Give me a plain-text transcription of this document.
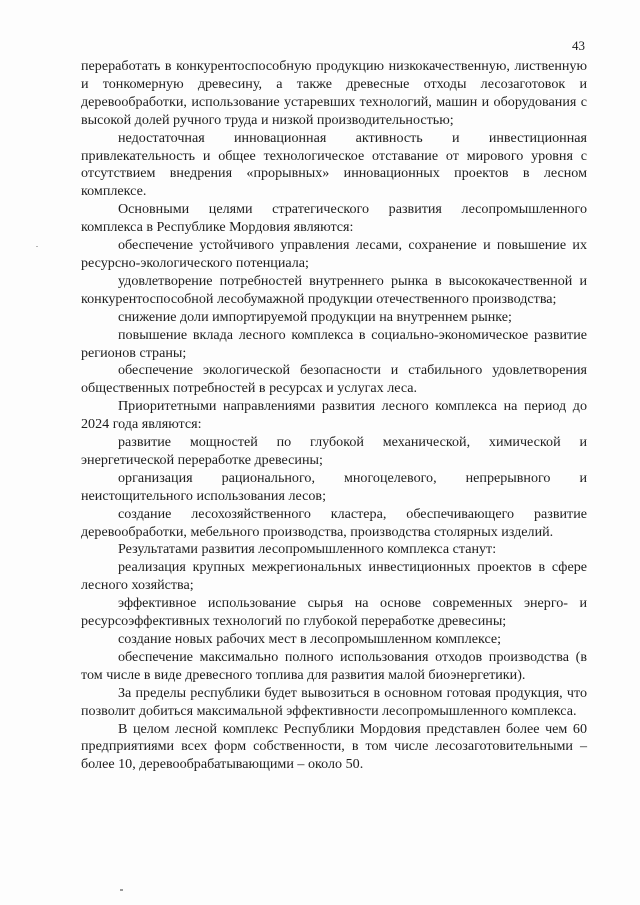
43

переработать в конкурентоспособную продукцию низкокачественную, лиственную и тонкомерную древесину, а также древесные отходы лесозаготовок и деревообработки, использование устаревших технологий, машин и оборудования с высокой долей ручного труда и низкой производительностью;

недостаточная инновационная активность и инвестиционная привлекательность и общее технологическое отставание от мирового уровня с отсутствием внедрения «прорывных» инновационных проектов в лесном комплексе.

Основными целями стратегического развития лесопромышленного комплекса в Республике Мордовия являются:

обеспечение устойчивого управления лесами, сохранение и повышение их ресурсно-экологического потенциала;

удовлетворение потребностей внутреннего рынка в высококачественной и конкурентоспособной лесобумажной продукции отечественного производства;

снижение доли импортируемой продукции на внутреннем рынке;

повышение вклада лесного комплекса в социально-экономическое развитие регионов страны;

обеспечение экологической безопасности и стабильного удовлетворения общественных потребностей в ресурсах и услугах леса.

Приоритетными направлениями развития лесного комплекса на период до 2024 года являются:

развитие мощностей по глубокой механической, химической и энергетической переработке древесины;

организация рационального, многоцелевого, непрерывного и неистощительного использования лесов;

создание лесохозяйственного кластера, обеспечивающего развитие деревообработки, мебельного производства, производства столярных изделий.

Результатами развития лесопромышленного комплекса станут:

реализация крупных межрегиональных инвестиционных проектов в сфере лесного хозяйства;

эффективное использование сырья на основе современных энерго- и ресурсоэффективных технологий по глубокой переработке древесины;

создание новых рабочих мест в лесопромышленном комплексе;

обеспечение максимально полного использования отходов производства (в том числе в виде древесного топлива для развития малой биоэнергетики).

За пределы республики будет вывозиться в основном готовая продукция, что позволит добиться максимальной эффективности лесопромышленного комплекса.

В целом лесной комплекс Республики Мордовия представлен более чем 60 предприятиями всех форм собственности, в том числе лесозаготовительными – более 10, деревообрабатывающими – около 50.
